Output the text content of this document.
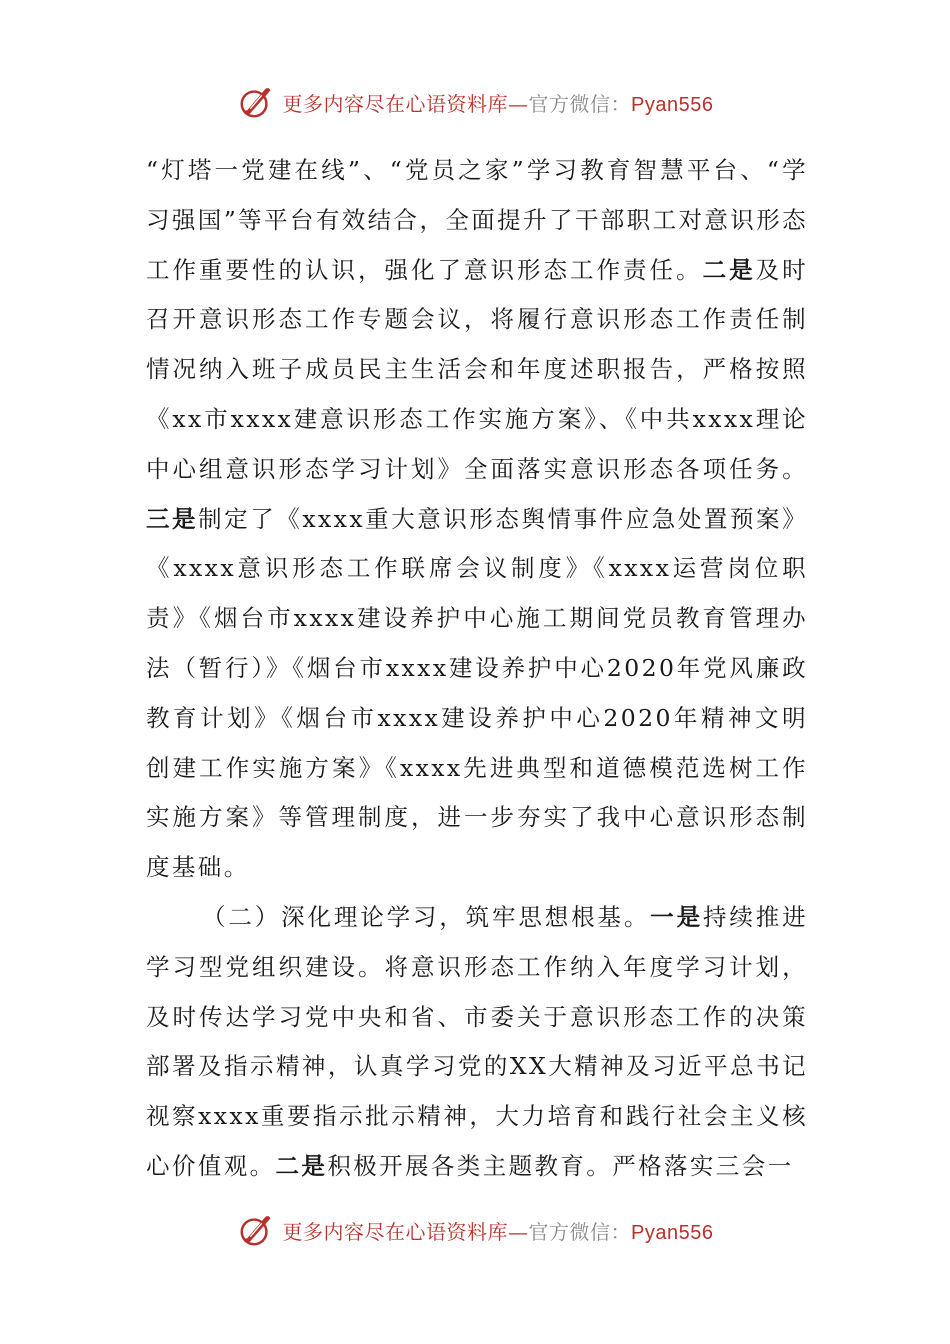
更多内容尽在心语资料库—官方微信：Pyan556

“灯塔一党建在线”、“党员之家”学习教育智慧平台、“学习强国”等平台有效结合，全面提升了干部职工对意识形态工作重要性的认识，强化了意识形态工作责任。二是及时召开意识形态工作专题会议，将履行意识形态工作责任制情况纳入班子成员民主生活会和年度述职报告，严格按照《xx市xxxx建意识形态工作实施方案》、《中共xxxx理论中心组意识形态学习计划》全面落实意识形态各项任务。三是制定了《xxxx重大意识形态舆情事件应急处置预案》《xxxx意识形态工作联席会议制度》《xxxx运营岗位职责》《烟台市xxxx建设养护中心施工期间党员教育管理办法（暂行）》《烟台市xxxx建设养护中心2020年党风廉政教育计划》《烟台市xxxx建设养护中心2020年精神文明创建工作实施方案》《xxxx先进典型和道德模范选树工作实施方案》等管理制度，进一步夯实了我中心意识形态制度基础。

（二）深化理论学习，筑牢思想根基。一是持续推进学习型党组织建设。将意识形态工作纳入年度学习计划，及时传达学习党中央和省、市委关于意识形态工作的决策部署及指示精神，认真学习党的XX大精神及习近平总书记视察xxxx重要指示批示精神，大力培育和践行社会主义核心价值观。二是积极开展各类主题教育。严格落实三会一

更多内容尽在心语资料库—官方微信：Pyan556
